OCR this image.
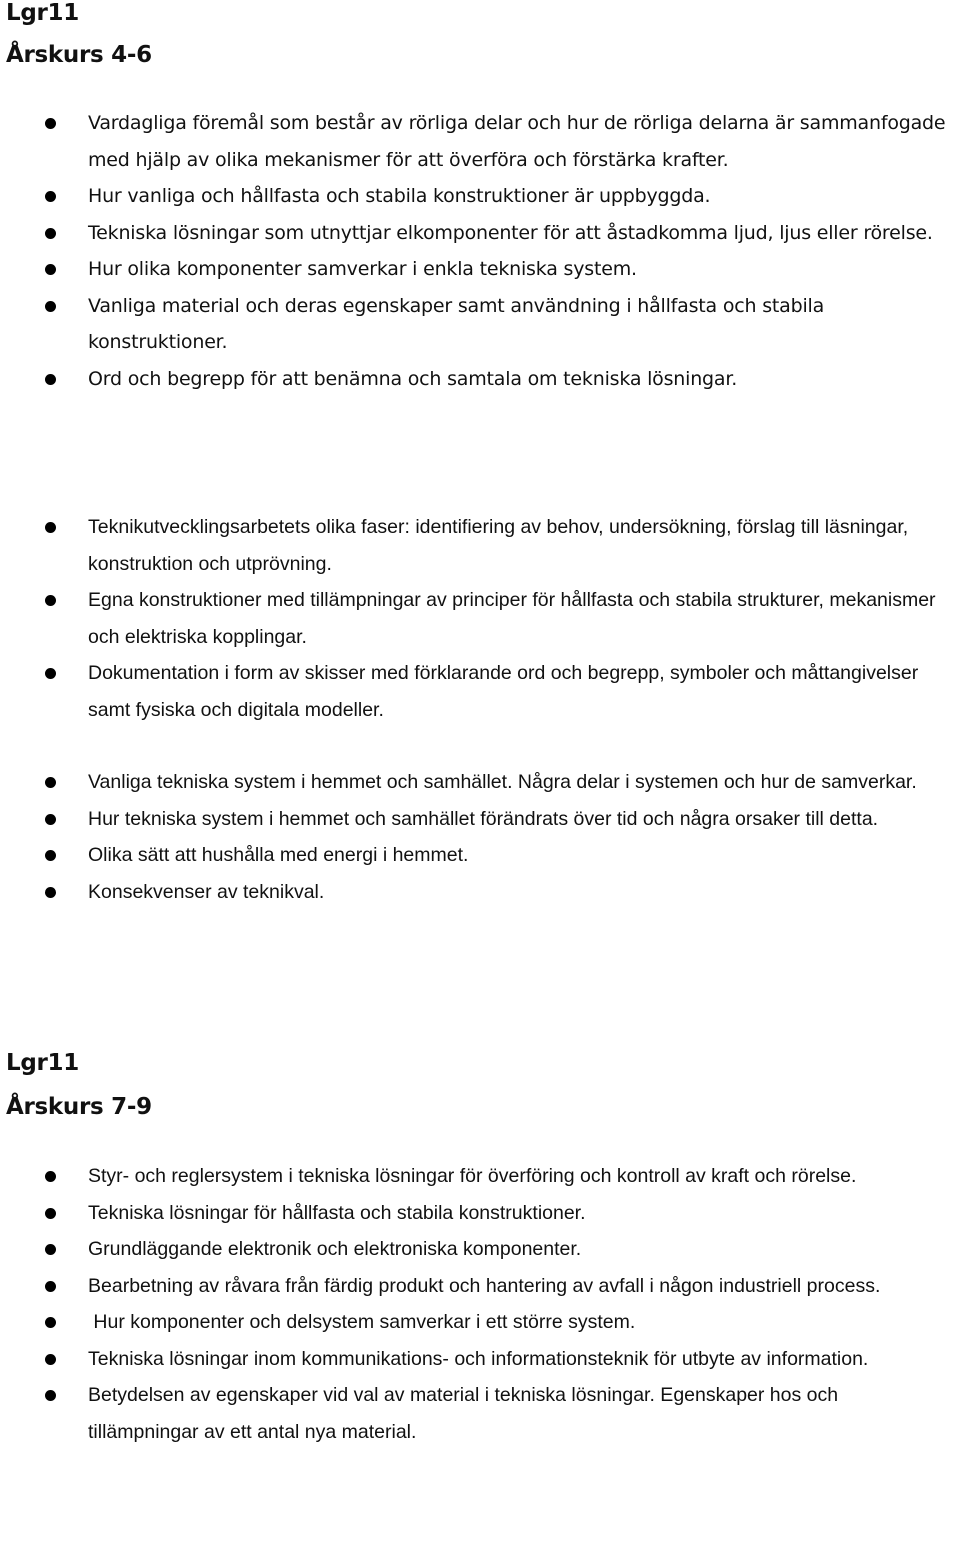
Lgr11
Årskurs 4-6
Vardagliga föremål som består av rörliga delar och hur de rörliga delarna är sammanfogade med hjälp av olika mekanismer för att överföra och förstärka krafter.
Hur vanliga och hållfasta och stabila konstruktioner är uppbyggda.
Tekniska lösningar som utnyttjar elkomponenter för att åstadkomma ljud, ljus eller rörelse.
Hur olika komponenter samverkar i enkla tekniska system.
Vanliga material och deras egenskaper samt användning i hållfasta och stabila konstruktioner.
Ord och begrepp för att benämna och samtala om tekniska lösningar.
Teknikutvecklingsarbetets olika faser: identifiering av behov, undersökning, förslag till läsningar, konstruktion och utprövning.
Egna konstruktioner med tillämpningar av principer för hållfasta och stabila strukturer, mekanismer och elektriska kopplingar.
Dokumentation i form av skisser med förklarande ord och begrepp, symboler och måttangivelser samt fysiska och digitala modeller.
Vanliga tekniska system i hemmet och samhället. Några delar i systemen och hur de samverkar.
Hur tekniska system i hemmet och samhället förändrats över tid och några orsaker till detta.
Olika sätt att hushålla med energi i hemmet.
Konsekvenser av teknikval.
Lgr11
Årskurs 7-9
Styr- och reglersystem i tekniska lösningar för överföring och kontroll av kraft och rörelse.
Tekniska lösningar för hållfasta och stabila konstruktioner.
Grundläggande elektronik och elektroniska komponenter.
Bearbetning av råvara från färdig produkt och hantering av avfall i någon industriell process.
Hur komponenter och delsystem samverkar i ett större system.
Tekniska lösningar inom kommunikations- och informationsteknik för utbyte av information.
Betydelsen av egenskaper vid val av material i tekniska lösningar. Egenskaper hos och tillämpningar av ett antal nya material.
